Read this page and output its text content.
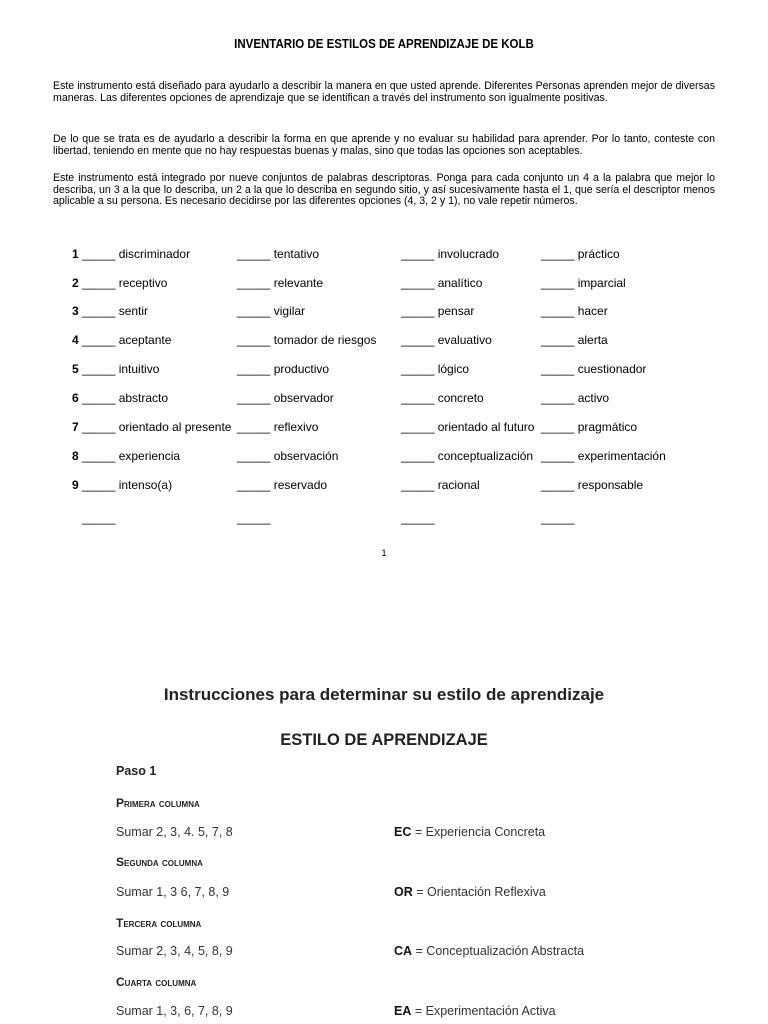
INVENTARIO DE ESTILOS DE APRENDIZAJE DE KOLB
Este instrumento está diseñado para ayudarlo a describir la manera en que usted aprende. Diferentes Personas aprenden mejor de diversas maneras. Las diferentes opciones de aprendizaje que se identifican a través del instrumento son igualmente positivas.
De lo que se trata es de ayudarlo a describir la forma en que aprende y no evaluar su habilidad para aprender. Por lo tanto, conteste con libertad, teniendo en mente que no hay respuestas buenas y malas, sino que todas las opciones son aceptables.
Este instrumento está integrado por nueve conjuntos de palabras descriptoras. Ponga para cada conjunto un 4 a la palabra que mejor lo describa, un 3 a la que lo describa, un 2 a la que lo describa en segundo sitio, y así sucesivamente hasta el 1, que sería el descriptor menos aplicable a su persona. Es necesario decidirse por las diferentes opciones (4, 3, 2 y 1), no vale repetir números.
1 _____ discriminador	_____ tentativo	_____ involucrado	_____ práctico
2 _____ receptivo	_____ relevante	_____ analítico	_____ imparcial
3 _____ sentir	_____ vigilar	_____ pensar	_____ hacer
4 _____ aceptante	_____ tomador de riesgos _____ evaluativo	_____ alerta
5 _____ intuitivo	_____ productivo	_____ lógico	_____ cuestionador
6 _____ abstracto	_____ observador	_____ concreto	_____ activo
7 _____ orientado al presente _____ reflexivo	_____ orientado al futuro _____ pragmático
8 _____ experiencia	_____ observación	_____ conceptualización _____ experimentación
9 _____ intenso(a)	_____ reservado	_____ racional	_____ responsable
_____	_____	_____	_____
1
Instrucciones para determinar su estilo de aprendizaje
ESTILO DE APRENDIZAJE
Paso 1
Primera columna
Sumar 2, 3, 4. 5, 7, 8	EC = Experiencia Concreta
Segunda columna
Sumar 1, 3 6, 7, 8, 9	OR = Orientación Reflexiva
Tercera columna
Sumar 2, 3, 4, 5, 8, 9	CA = Conceptualización Abstracta
Cuarta columna
Sumar 1, 3, 6, 7, 8, 9	EA = Experimentación Activa
